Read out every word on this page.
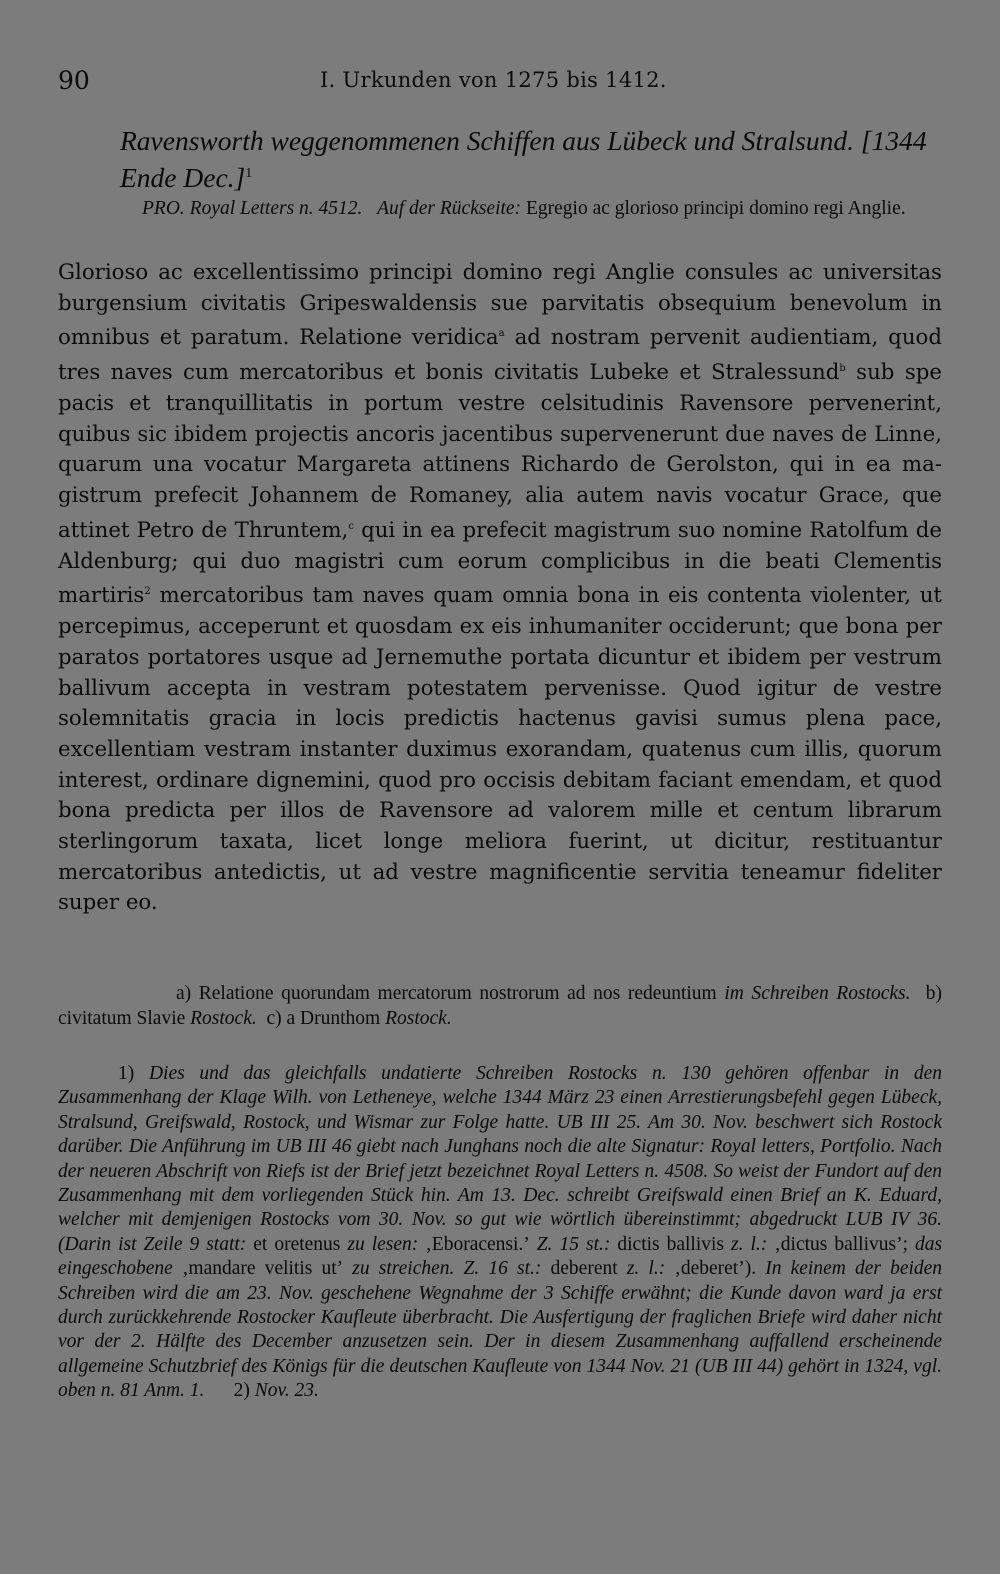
90	I. Urkunden von 1275 bis 1412.
Ravensworth weggenommenen Schiffen aus Lübeck und Stralsund. [1344 Ende Dec.]$^1$
PRO. Royal Letters n. 4512. Auf der Rückseite: Egregio ac glorioso principi domino regi Anglie.

Glorioso ac excellentissimo principi domino regi Anglie consules ac universitas burgensium civitatis Gripeswaldensis sue parvitatis obsequium benevolum in omnibus et paratum. Relatione veridica$^a$ ad nostram pervenit audientiam, quod tres naves cum mercatoribus et bonis civitatis Lubeke et Stralessund$^b$ sub spe pacis et tranquillitatis in portum vestre celsitudinis Ravensore pervenerint, quibus sic ibidem projectis ancoris jacentibus supervenerunt due naves de Linne, quarum una vocatur Margareta attinens Richardo de Gerolston, qui in ea magistrum prefecit Johannem de Romaney, alia autem navis vocatur Grace, que attinet Petro de Thruntem,$^c$ qui in ea prefecit magistrum suo nomine Ratolfum de Aldenburg; qui duo magistri cum eorum complicibus in die beati Clementis martiris$^2$ mercatoribus tam naves quam omnia bona in eis contenta violenter, ut percepimus, acceperunt et quosdam ex eis inhumaniter occiderunt; que bona per paratos portatores usque ad Jernemuthe portata dicuntur et ibidem per vestrum ballivum accepta in vestram potestatem pervenisse. Quod igitur de vestre solemnitatis gracia in locis predictis hactenus gavisi sumus plena pace, excellentiam vestram instanter duximus exorandam, quatenus cum illis, quorum interest, ordinare dignemini, quod pro occisis debitam faciant emendam, et quod bona predicta per illos de Ravensore ad valorem mille et centum librarum sterlingorum taxata, licet longe meliora fuerint, ut dicitur, restituantur mercatoribus antedictis, ut ad vestre magnificentie servitia teneamur fideliter super eo.

a) Relatione quorundam mercatorum nostrorum ad nos redeuntium im Schreiben Rostocks. b) civitatum Slavie Rostock. c) a Drunthom Rostock.

1) Dies und das gleichfalls undatierte Schreiben Rostocks n. 130 gehören offenbar in den Zusammenhang der Klage Wilh. von Letheneye, welche 1344 März 23 einen Arrestierungsbefehl gegen Lübeck, Stralsund, Greifswald, Rostock, und Wismar zur Folge hatte. UB III 25. Am 30. Nov. beschwert sich Rostock darüber. Die Anführung im UB III 46 giebt nach Junghans noch die alte Signatur: Royal letters, Portfolio. Nach der neueren Abschrift von Riefs ist der Brief jetzt bezeichnet Royal Letters n. 4508. So weist der Fundort auf den Zusammenhang mit dem vorliegenden Stück hin. Am 13. Dec. schreibt Greifswald einen Brief an K. Eduard, welcher mit demjenigen Rostocks vom 30. Nov. so gut wie wörtlich übereinstimmt; abgedruckt LUB IV 36. (Darin ist Zeile 9 statt: et oretenus zu lesen: ‚Eboracensi.’ Z. 15 st.: dictis ballivis z. l.: ‚dictus ballivus’; das eingeschobene ‚mandare velitis ut’ zu streichen. Z. 16 st.: deberent z. l.: ‚deberet’). In keinem der beiden Schreiben wird die am 23. Nov. geschehene Wegnahme der 3 Schiffe erwähnt; die Kunde davon ward ja erst durch zurückkehrende Rostocker Kaufleute überbracht. Die Ausfertigung der fraglichen Briefe wird daher nicht vor der 2. Hälfte des December anzusetzen sein. Der in diesem Zusammenhang auffallend erscheinende allgemeine Schutzbrief des Königs für die deutschen Kaufleute von 1344 Nov. 21 (UB III 44) gehört in 1324, vgl. oben n. 81 Anm. 1. 2) Nov. 23.
